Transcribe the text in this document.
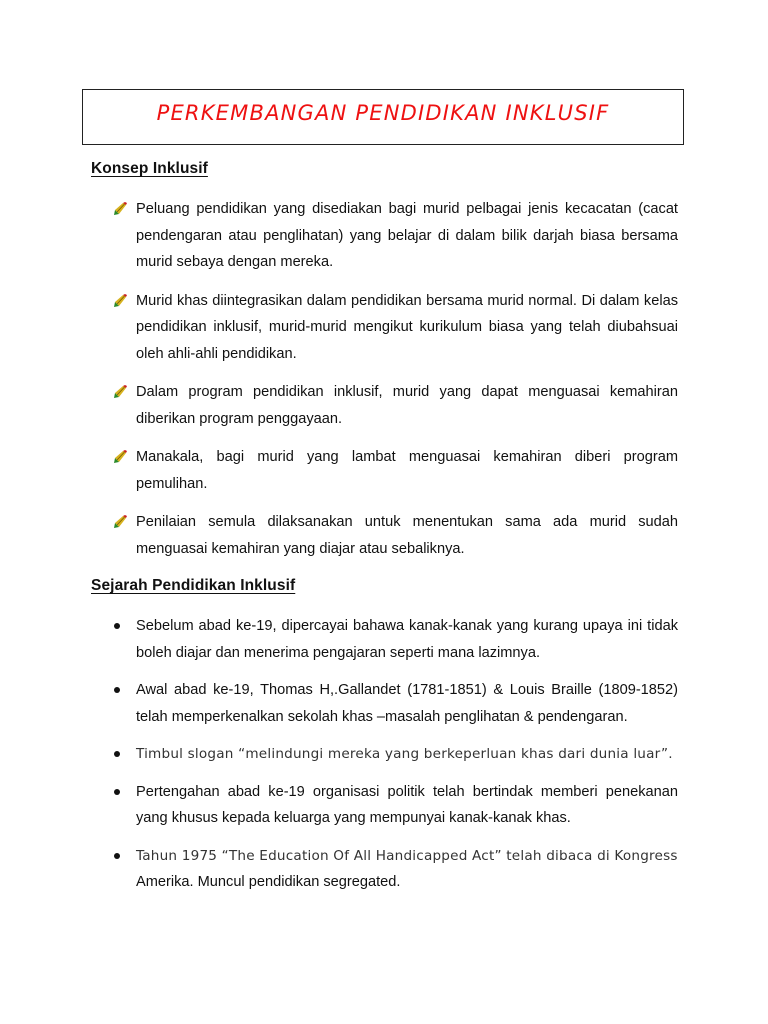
PERKEMBANGAN PENDIDIKAN INKLUSIF
Konsep Inklusif
Peluang pendidikan yang disediakan bagi murid pelbagai jenis kecacatan (cacat pendengaran atau penglihatan) yang belajar di dalam bilik darjah biasa bersama murid sebaya dengan mereka.
Murid khas diintegrasikan dalam pendidikan bersama murid normal. Di dalam kelas pendidikan inklusif, murid-murid mengikut kurikulum biasa yang telah diubahsuai oleh ahli-ahli pendidikan.
Dalam program pendidikan inklusif, murid yang dapat menguasai kemahiran diberikan program penggayaan.
Manakala, bagi murid yang lambat menguasai kemahiran diberi program pemulihan.
Penilaian semula dilaksanakan untuk menentukan sama ada murid sudah menguasai kemahiran yang diajar atau sebaliknya.
Sejarah Pendidikan Inklusif
Sebelum abad ke-19, dipercayai bahawa kanak-kanak yang kurang upaya ini tidak boleh diajar dan menerima pengajaran seperti mana lazimnya.
Awal abad ke-19, Thomas H,.Gallandet (1781-1851) & Louis Braille (1809-1852) telah memperkenalkan sekolah khas –masalah penglihatan & pendengaran.
Timbul slogan “melindungi mereka yang berkeperluan khas dari dunia luar”.
Pertengahan abad ke-19 organisasi politik telah bertindak memberi penekanan yang khusus kepada keluarga yang mempunyai kanak-kanak khas.
Tahun 1975 “The Education Of All Handicapped Act” telah dibaca di Kongress
Amerika. Muncul pendidikan segregated.
